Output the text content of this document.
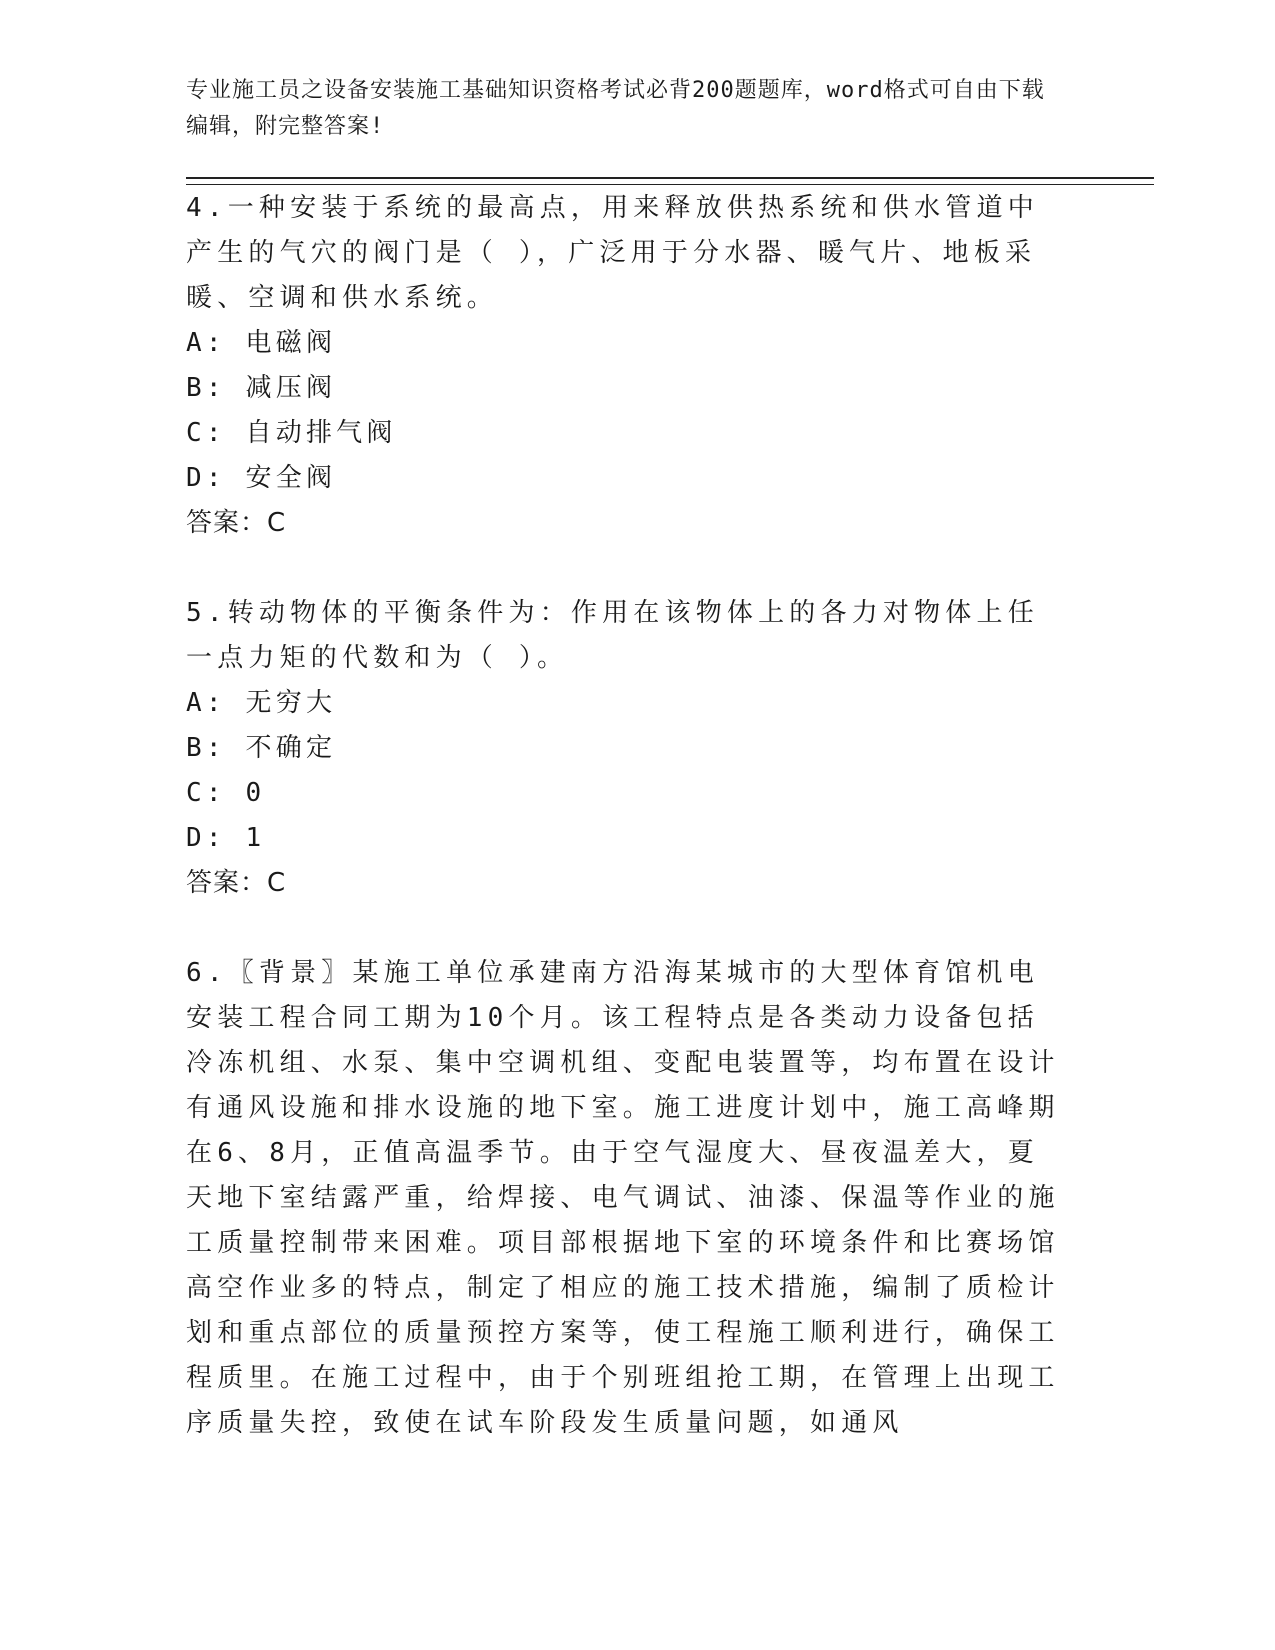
专业施工员之设备安装施工基础知识资格考试必背200题题库，word格式可自由下载编辑，附完整答案!

4.一种安装于系统的最高点，用来释放供热系统和供水管道中产生的气穴的阀门是（ ），广泛用于分水器、暖气片、地板采暖、空调和供水系统。

A: 电磁阀

B: 减压阀

C: 自动排气阀

D: 安全阀

答案：C

5.转动物体的平衡条件为：作用在该物体上的各力对物体上任一点力矩的代数和为（ ）。

A: 无穷大

B: 不确定

C: 0

D: 1

答案：C

6.〖背景〗某施工单位承建南方沿海某城市的大型体育馆机电安装工程合同工期为10个月。该工程特点是各类动力设备包括冷冻机组、水泵、集中空调机组、变配电装置等，均布置在设计有通风设施和排水设施的地下室。施工进度计划中，施工高峰期在6、8月，正值高温季节。由于空气湿度大、昼夜温差大，夏天地下室结露严重，给焊接、电气调试、油漆、保温等作业的施工质量控制带来困难。项目部根据地下室的环境条件和比赛场馆高空作业多的特点，制定了相应的施工技术措施，编制了质检计划和重点部位的质量预控方案等，使工程施工顺利进行，确保工程质里。在施工过程中，由于个别班组抢工期，在管理上出现工序质量失控，致使在试车阶段发生质量问题，如通风
